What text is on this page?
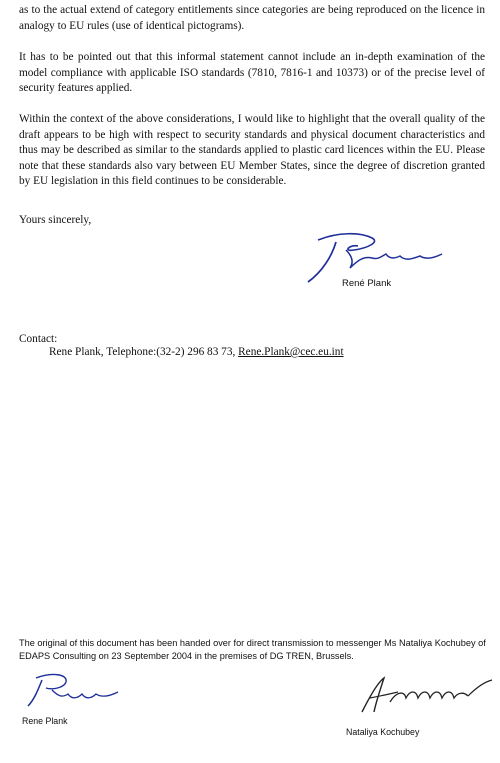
as to the actual extend of category entitlements since categories are being reproduced on the licence in analogy to EU rules (use of identical pictograms).

It has to be pointed out that this informal statement cannot include an in-depth examination of the model compliance with applicable ISO standards (7810, 7816-1 and 10373) or of the precise level of security features applied.

Within the context of the above considerations, I would like to highlight that the overall quality of the draft appears to be high with respect to security standards and physical document characteristics and thus may be described as similar to the standards applied to plastic card licences within the EU. Please note that these standards also vary between EU Member States, since the degree of discretion granted by EU legislation in this field continues to be considerable.

Yours sincerely,

René Plank
Contact:
Rene Plank, Telephone:(32-2) 296 83 73, Rene.Plank@cec.eu.int

The original of this document has been handed over for direct transmission to messenger Ms Nataliya Kochubey of EDAPS Consulting on 23 September 2004 in the premises of DG TREN, Brussels.

Rene Plank
Nataliya Kochubey
